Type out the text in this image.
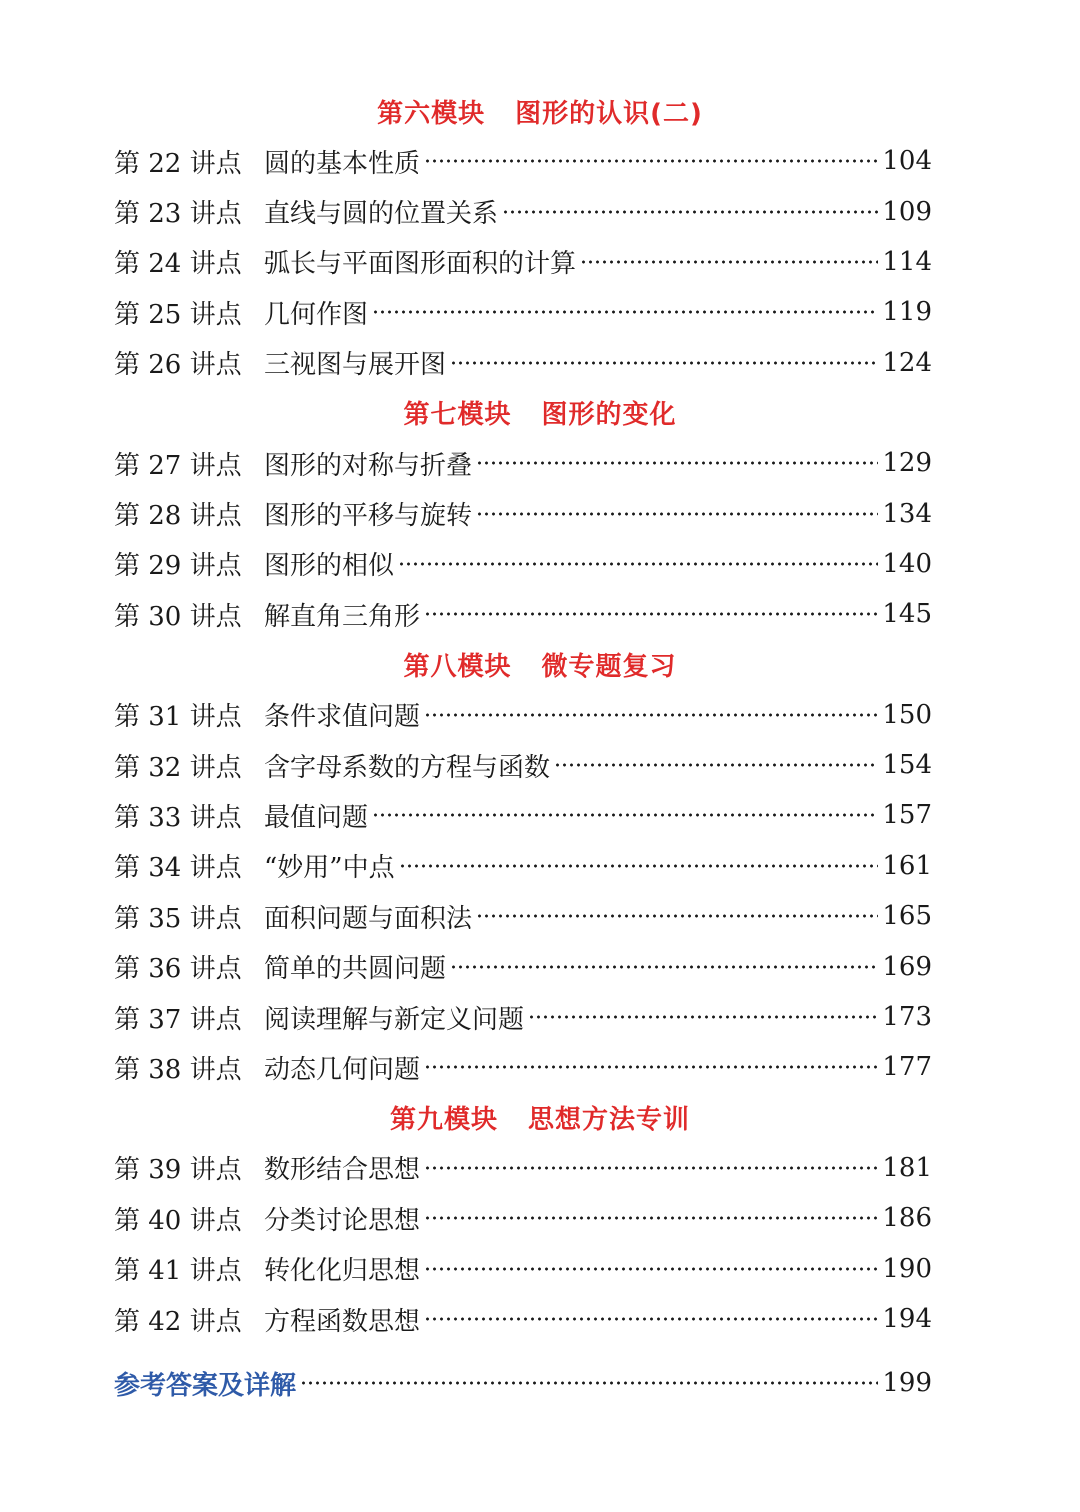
第六模块 图形的认识(二)
第 22 讲点 圆的基本性质	104
第 23 讲点 直线与圆的位置关系	109
第 24 讲点 弧长与平面图形面积的计算	114
第 25 讲点 几何作图	119
第 26 讲点 三视图与展开图	124
第七模块 图形的变化
第 27 讲点 图形的对称与折叠	129
第 28 讲点 图形的平移与旋转	134
第 29 讲点 图形的相似	140
第 30 讲点 解直角三角形	145
第八模块 微专题复习
第 31 讲点 条件求值问题	150
第 32 讲点 含字母系数的方程与函数	154
第 33 讲点 最值问题	157
第 34 讲点 “妙用”中点	161
第 35 讲点 面积问题与面积法	165
第 36 讲点 简单的共圆问题	169
第 37 讲点 阅读理解与新定义问题	173
第 38 讲点 动态几何问题	177
第九模块 思想方法专训
第 39 讲点 数形结合思想	181
第 40 讲点 分类讨论思想	186
第 41 讲点 转化化归思想	190
第 42 讲点 方程函数思想	194
参考答案及详解	199
